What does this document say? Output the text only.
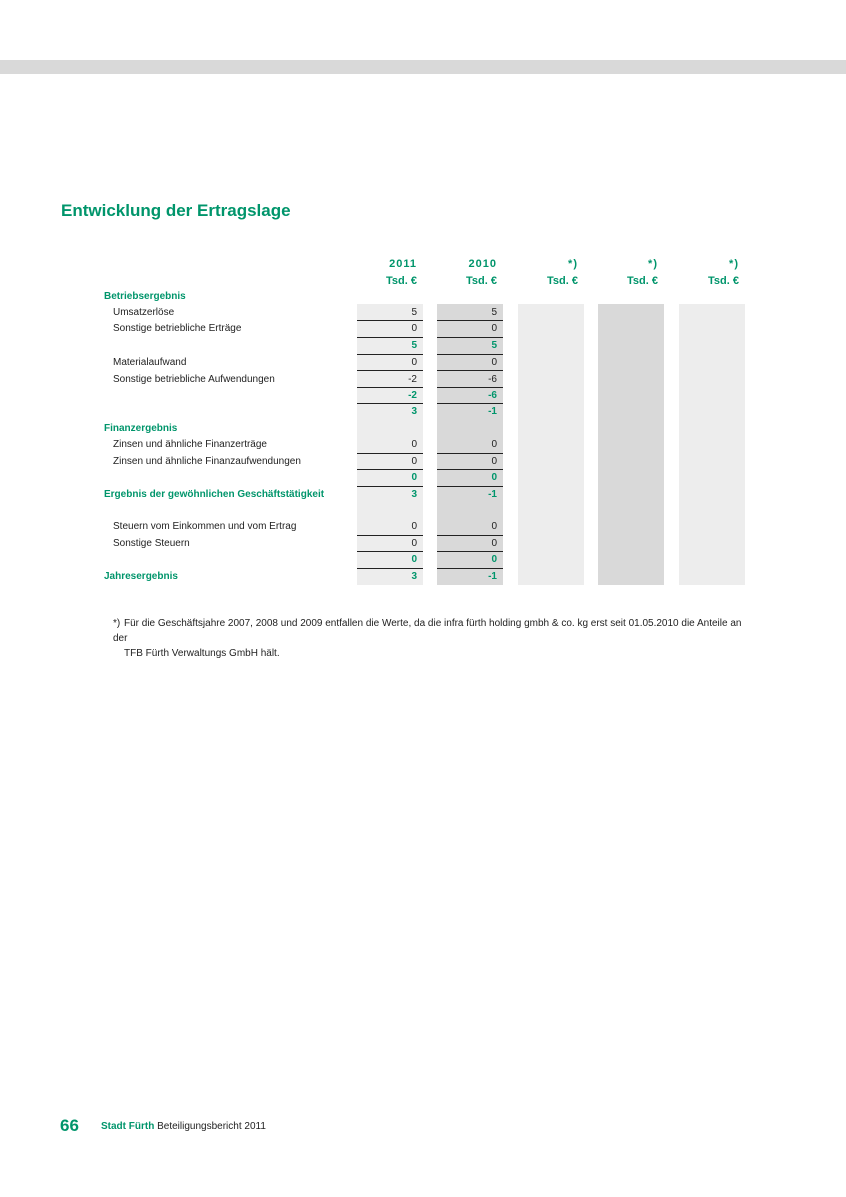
Entwicklung der Ertragslage
2011	2010	*)	*)	*)
Tsd. €	Tsd. €	Tsd. €	Tsd. €	Tsd. €
Betriebsergebnis
Umsatzerlöse	5	5
Sonstige betriebliche Erträge	0	0
5	5
Materialaufwand	0	0
Sonstige betriebliche Aufwendungen	-2	-6
-2	-6
3	-1
Finanzergebnis
Zinsen und ähnliche Finanzerträge	0	0
Zinsen und ähnliche Finanzaufwendungen	0	0
0	0
Ergebnis der gewöhnlichen Geschäftstätigkeit	3	-1
Steuern vom Einkommen und vom Ertrag	0	0
Sonstige Steuern	0	0
0	0
Jahresergebnis	3	-1
*) Für die Geschäftsjahre 2007, 2008 und 2009 entfallen die Werte, da die infra fürth holding gmbh & co. kg erst seit 01.05.2010 die Anteile an der
TFB Fürth Verwaltungs GmbH hält.
66 Stadt Fürth Beteiligungsbericht 2011
